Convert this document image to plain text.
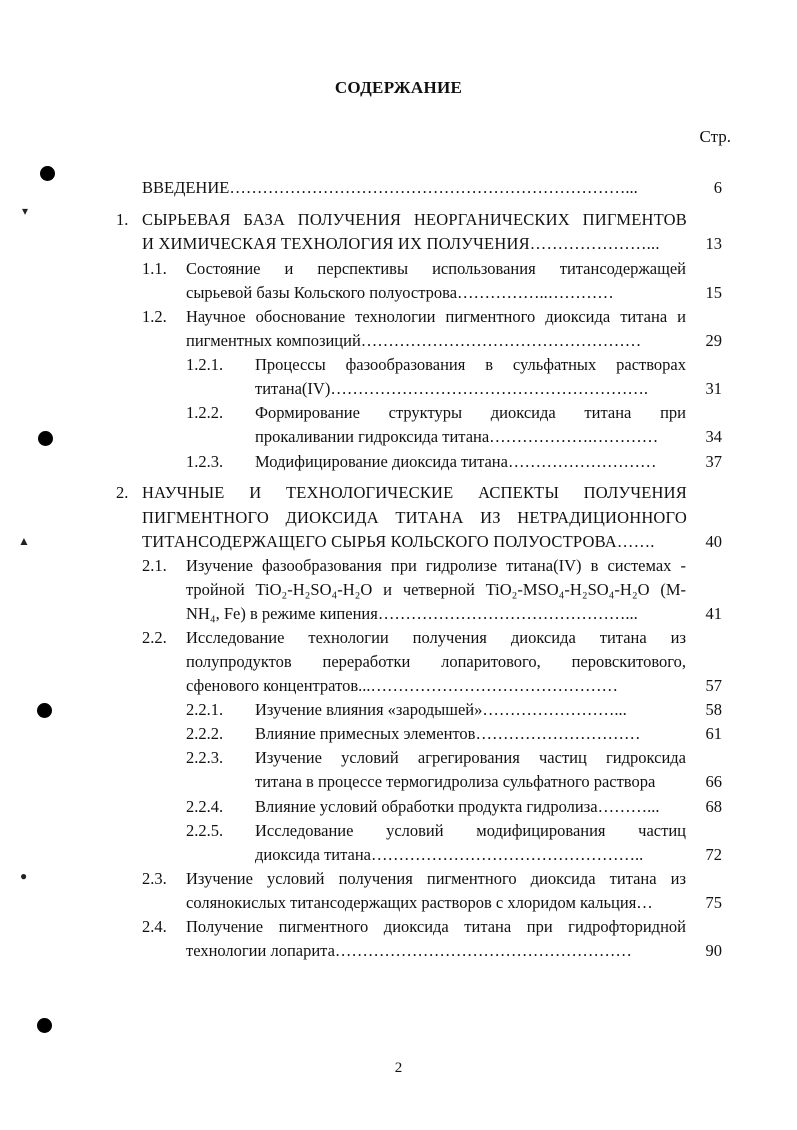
СОДЕРЖАНИЕ
Стр.
▾
▲
●
ВВЕДЕНИЕ………………………………………………………………...	6
1. СЫРЬЕВАЯ БАЗА ПОЛУЧЕНИЯ НЕОРГАНИЧЕСКИХ ПИГМЕНТОВ
И ХИМИЧЕСКАЯ ТЕХНОЛОГИЯ ИХ ПОЛУЧЕНИЯ…………………...	13
1.1. Состояние и перспективы использования титансодержащей
сырьевой базы Кольского полуострова……………..…………	15
1.2. Научное обоснование технологии пигментного диоксида титана и
пигментных композиций……………………………………………	29
1.2.1. Процессы фазообразования в сульфатных растворах
титана(IV)………………………………………………….	31
1.2.2. Формирование структуры диоксида титана при
прокаливании гидроксида титана……………….…………	34
1.2.3. Модифицирование диоксида титана………………………	37
2. НАУЧНЫЕ И ТЕХНОЛОГИЧЕСКИЕ АСПЕКТЫ ПОЛУЧЕНИЯ
ПИГМЕНТНОГО ДИОКСИДА ТИТАНА ИЗ НЕТРАДИЦИОННОГО
ТИТАНСОДЕРЖАЩЕГО СЫРЬЯ КОЛЬСКОГО ПОЛУОСТРОВА…….	40
2.1. Изучение фазообразования при гидролизе титана(IV) в системах -
тройной TiO₂-H₂SO₄-H₂O и четверной TiO₂-MSO₄-H₂SO₄-H₂O (M-
NH₄, Fe) в режиме кипения………………………………………...	41
2.2. Исследование технологии получения диоксида титана из
полупродуктов переработки лопаритового, перовскитового,
сфенового концентратов...………………………………………	57
2.2.1. Изучение влияния «зародышей»……………………...	58
2.2.2. Влияние примесных элементов…………………………	61
2.2.3. Изучение условий агрегирования частиц гидроксида
титана в процессе термогидролиза сульфатного раствора	66
2.2.4. Влияние условий обработки продукта гидролиза………...	68
2.2.5. Исследование условий модифицирования частиц
диоксида титана…………………………………………..	72
2.3. Изучение условий получения пигментного диоксида титана из
солянокислых титансодержащих растворов с хлоридом кальция…	75
2.4. Получение пигментного диоксида титана при гидрофторидной
технологии лопарита………………………………………………	90
2
